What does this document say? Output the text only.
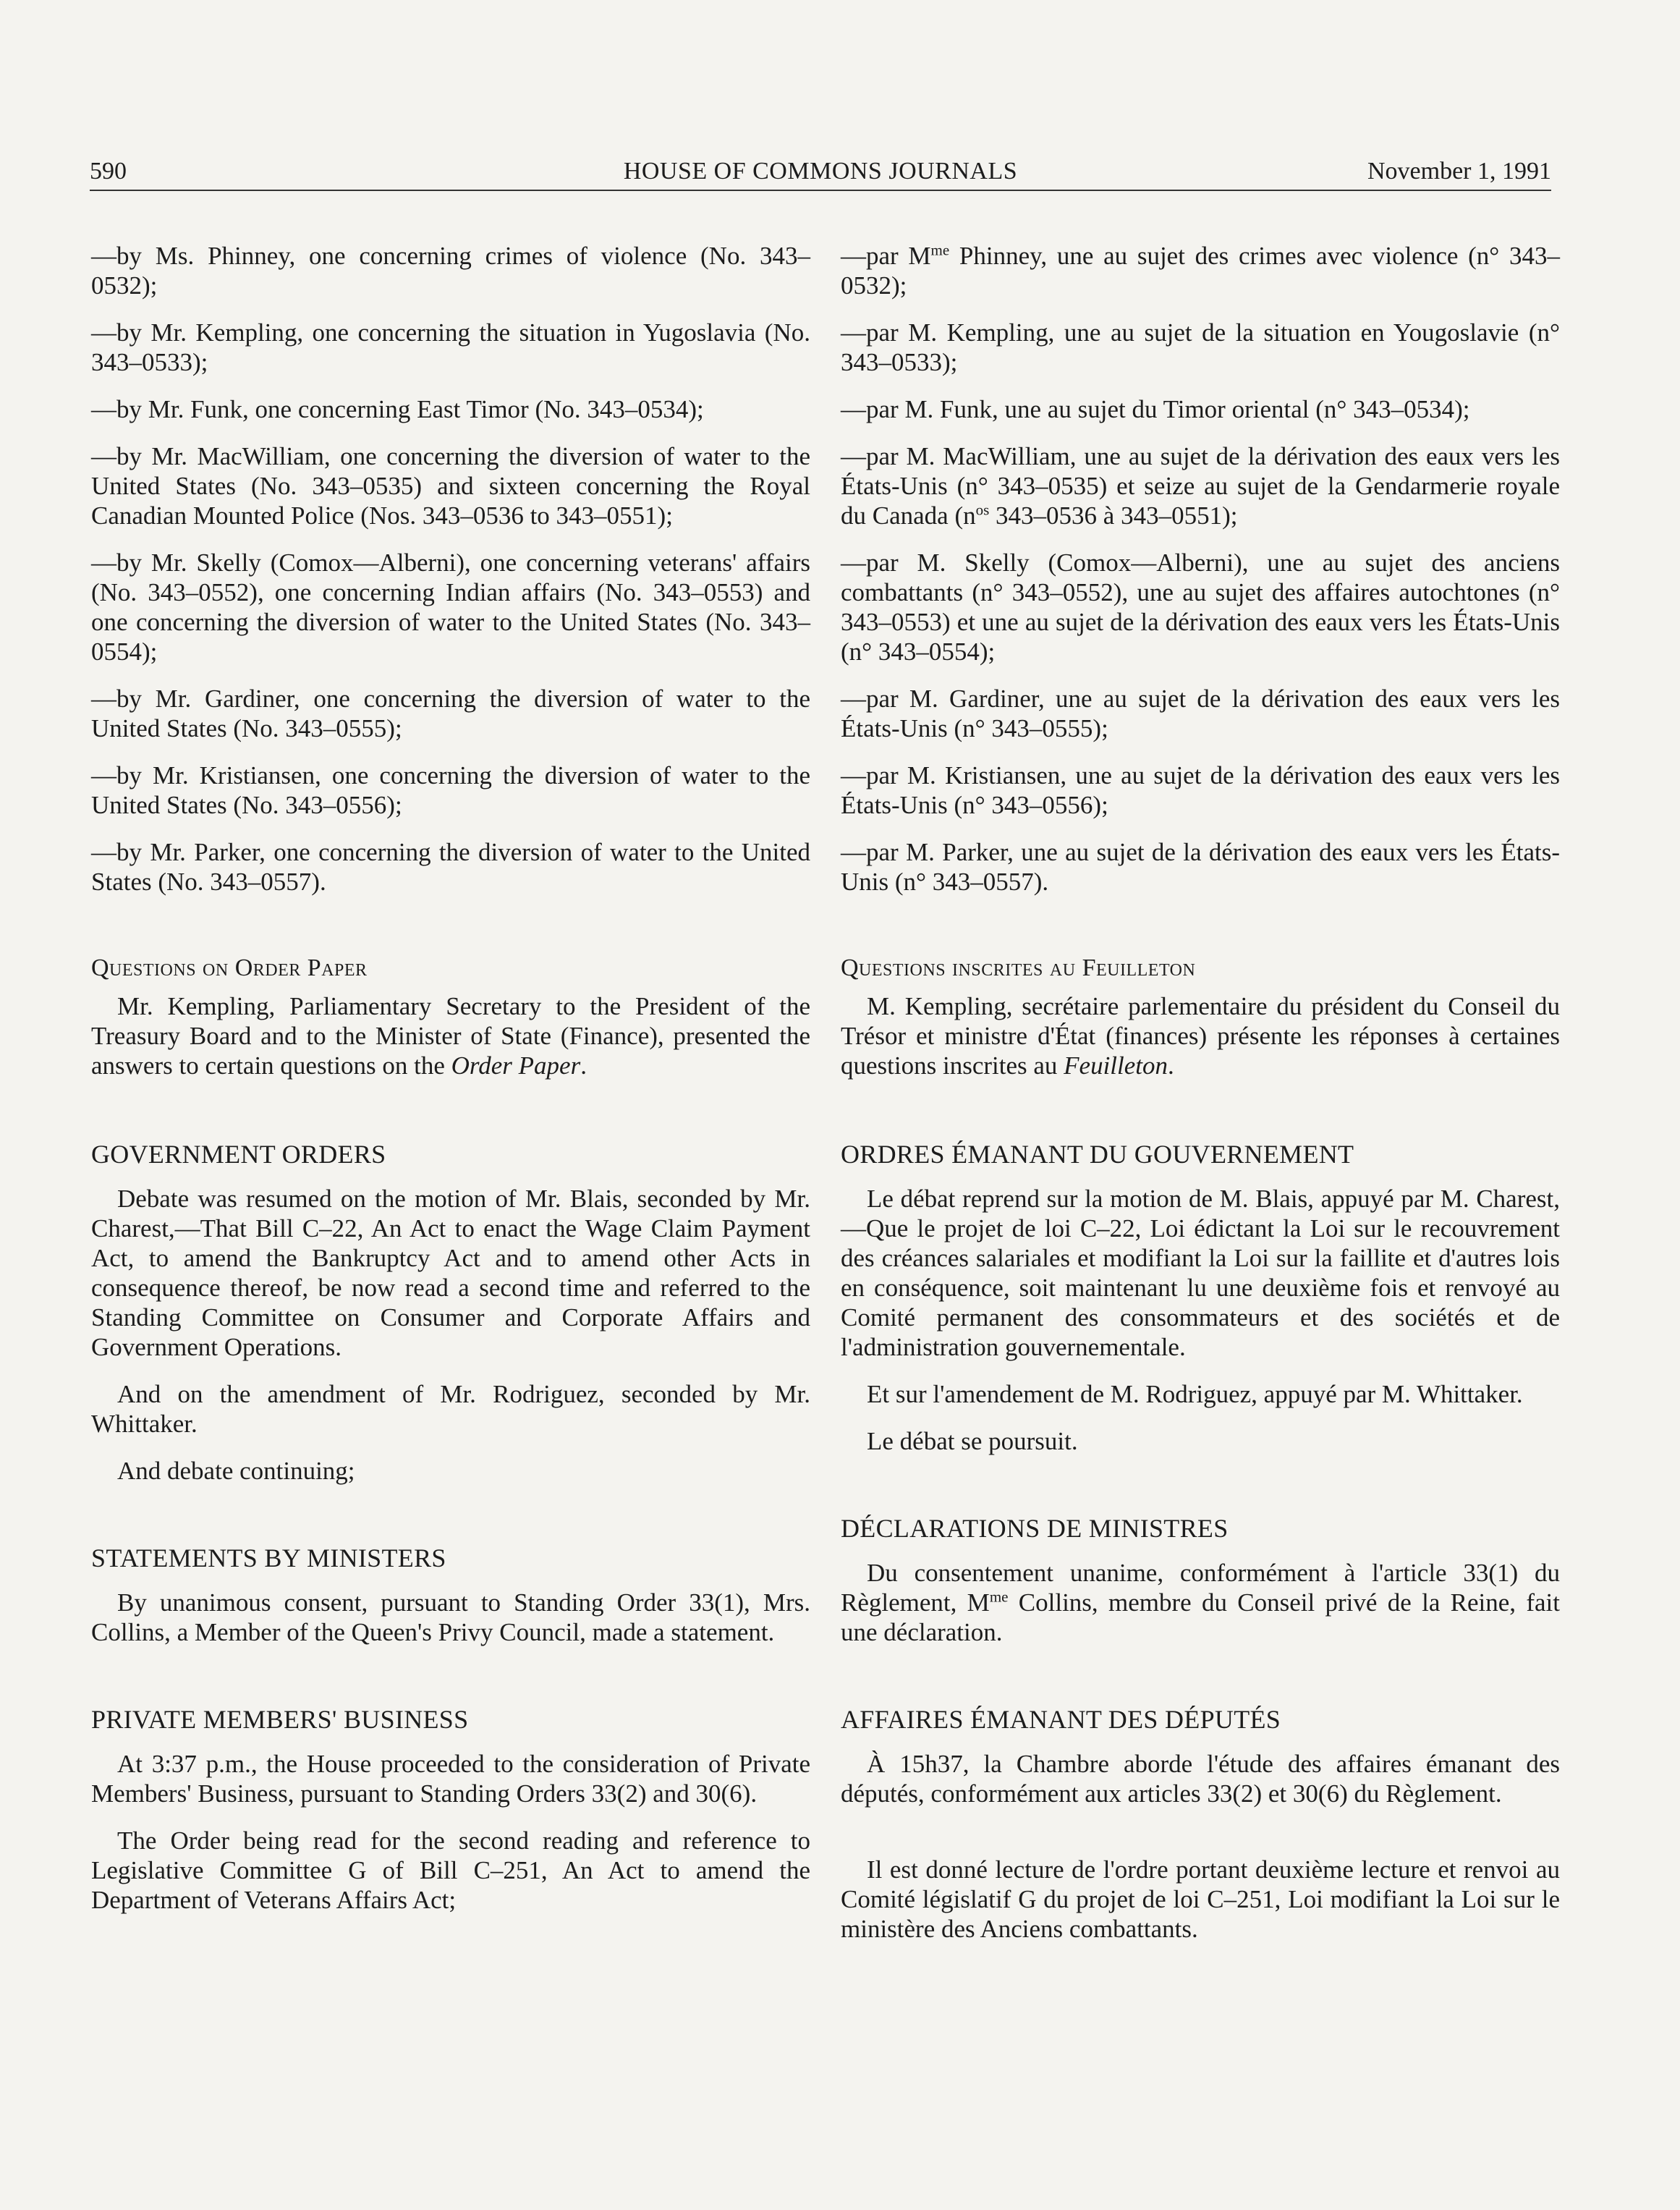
590	HOUSE OF COMMONS JOURNALS	November 1, 1991

—by Ms. Phinney, one concerning crimes of violence (No. 343–0532);

—by Mr. Kempling, one concerning the situation in Yugoslavia (No. 343–0533);

—by Mr. Funk, one concerning East Timor (No. 343–0534);

—by Mr. MacWilliam, one concerning the diversion of water to the United States (No. 343–0535) and sixteen concerning the Royal Canadian Mounted Police (Nos. 343–0536 to 343–0551);

—by Mr. Skelly (Comox—Alberni), one concerning veterans' affairs (No. 343–0552), one concerning Indian affairs (No. 343–0553) and one concerning the diversion of water to the United States (No. 343–0554);

—by Mr. Gardiner, one concerning the diversion of water to the United States (No. 343–0555);

—by Mr. Kristiansen, one concerning the diversion of water to the United States (No. 343–0556);

—by Mr. Parker, one concerning the diversion of water to the United States (No. 343–0557).

Questions on Order Paper

Mr. Kempling, Parliamentary Secretary to the President of the Treasury Board and to the Minister of State (Finance), presented the answers to certain questions on the Order Paper.

GOVERNMENT ORDERS

Debate was resumed on the motion of Mr. Blais, seconded by Mr. Charest,—That Bill C–22, An Act to enact the Wage Claim Payment Act, to amend the Bankruptcy Act and to amend other Acts in consequence thereof, be now read a second time and referred to the Standing Committee on Consumer and Corporate Affairs and Government Operations.

And on the amendment of Mr. Rodriguez, seconded by Mr. Whittaker.

And debate continuing;

STATEMENTS BY MINISTERS

By unanimous consent, pursuant to Standing Order 33(1), Mrs. Collins, a Member of the Queen's Privy Council, made a statement.

PRIVATE MEMBERS' BUSINESS

At 3:37 p.m., the House proceeded to the consideration of Private Members' Business, pursuant to Standing Orders 33(2) and 30(6).

The Order being read for the second reading and reference to Legislative Committee G of Bill C–251, An Act to amend the Department of Veterans Affairs Act;

—par $M^{me}$ Phinney, une au sujet des crimes avec violence (n° 343–0532);

—par M. Kempling, une au sujet de la situation en Yougoslavie (n° 343–0533);

—par M. Funk, une au sujet du Timor oriental (n° 343–0534);

—par M. MacWilliam, une au sujet de la dérivation des eaux vers les États-Unis (n° 343–0535) et seize au sujet de la Gendarmerie royale du Canada ($n^{os}$ 343–0536 à 343–0551);

—par M. Skelly (Comox—Alberni), une au sujet des anciens combattants (n° 343–0552), une au sujet des affaires autochtones (n° 343–0553) et une au sujet de la dérivation des eaux vers les États-Unis (n° 343–0554);

—par M. Gardiner, une au sujet de la dérivation des eaux vers les États-Unis (n° 343–0555);

—par M. Kristiansen, une au sujet de la dérivation des eaux vers les États-Unis (n° 343–0556);

—par M. Parker, une au sujet de la dérivation des eaux vers les États-Unis (n° 343–0557).

Questions inscrites au Feuilleton

M. Kempling, secrétaire parlementaire du président du Conseil du Trésor et ministre d'État (finances) présente les réponses à certaines questions inscrites au Feuilleton.

ORDRES ÉMANANT DU GOUVERNEMENT

Le débat reprend sur la motion de M. Blais, appuyé par M. Charest,—Que le projet de loi C–22, Loi édictant la Loi sur le recouvrement des créances salariales et modifiant la Loi sur la faillite et d'autres lois en conséquence, soit maintenant lu une deuxième fois et renvoyé au Comité permanent des consommateurs et des sociétés et de l'administration gouvernementale.

Et sur l'amendement de M. Rodriguez, appuyé par M. Whittaker.

Le débat se poursuit.

DÉCLARATIONS DE MINISTRES

Du consentement unanime, conformément à l'article 33(1) du Règlement, $M^{me}$ Collins, membre du Conseil privé de la Reine, fait une déclaration.

AFFAIRES ÉMANANT DES DÉPUTÉS

À 15h37, la Chambre aborde l'étude des affaires émanant des députés, conformément aux articles 33(2) et 30(6) du Règlement.

Il est donné lecture de l'ordre portant deuxième lecture et renvoi au Comité législatif G du projet de loi C–251, Loi modifiant la Loi sur le ministère des Anciens combattants.
